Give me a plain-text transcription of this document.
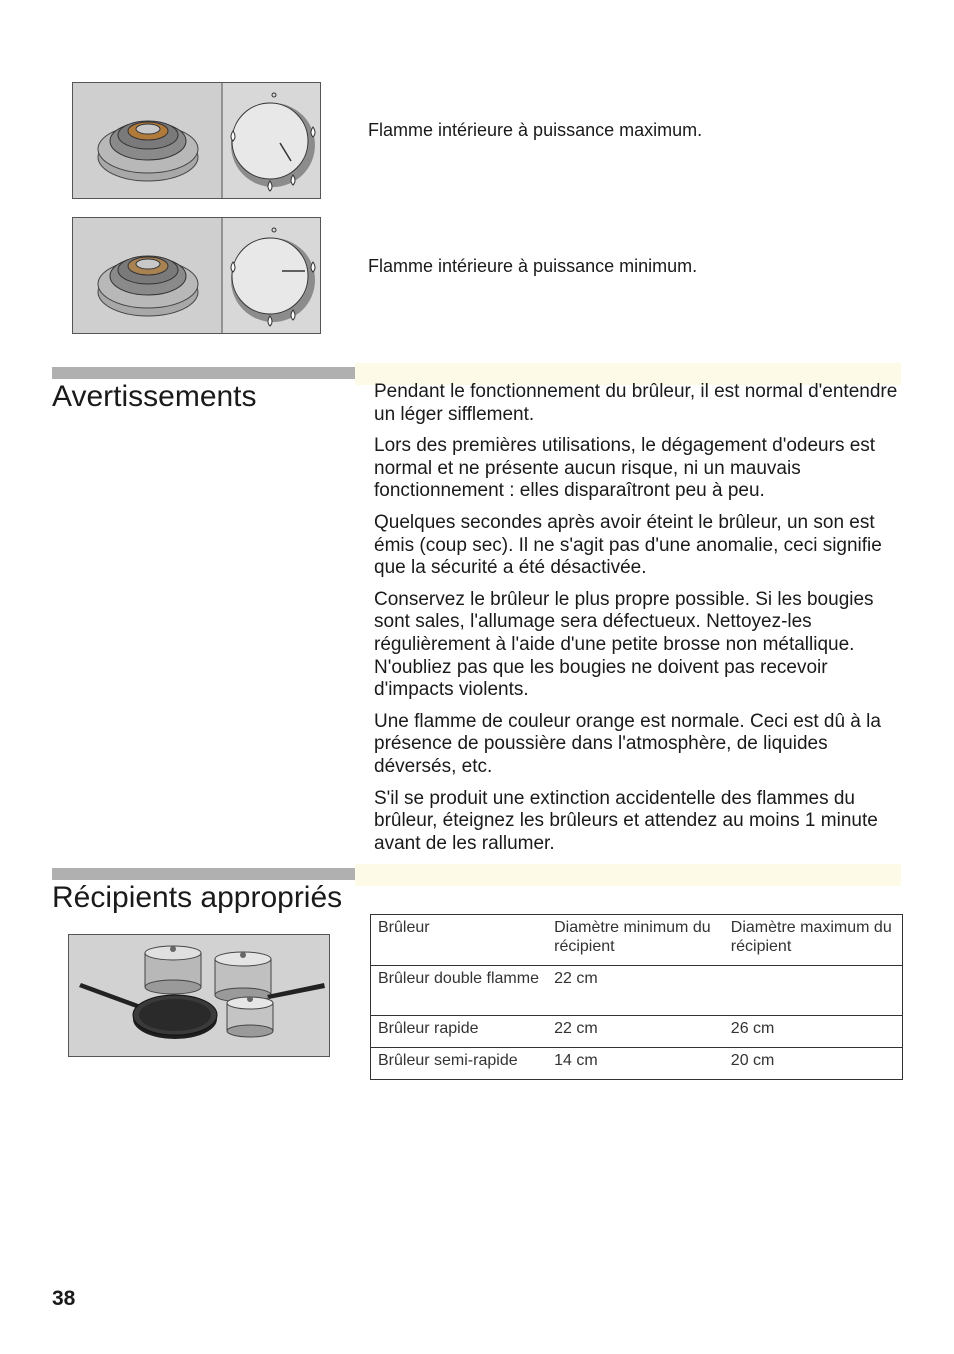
Flamme intérieure à puissance maximum.
Flamme intérieure à puissance minimum.
Avertissements	Pendant le fonctionnement du brûleur, il est normal d'entendre un léger sifflement.

Lors des premières utilisations, le dégagement d'odeurs est normal et ne présente aucun risque, ni un mauvais fonctionnement : elles disparaîtront peu à peu.

Quelques secondes après avoir éteint le brûleur, un son est émis (coup sec). Il ne s'agit pas d'une anomalie, ceci signifie que la sécurité a été désactivée.

Conservez le brûleur le plus propre possible. Si les bougies sont sales, l'allumage sera défectueux. Nettoyez-les régulièrement à l'aide d'une petite brosse non métallique. N'oubliez pas que les bougies ne doivent pas recevoir d'impacts violents.

Une flamme de couleur orange est normale. Ceci est dû à la présence de poussière dans l'atmosphère, de liquides déversés, etc.

S'il se produit une extinction accidentelle des flammes du brûleur, éteignez les brûleurs et attendez au moins 1 minute avant de les rallumer.

Récipients appropriés
Brûleur	Diamètre minimum du récipient	Diamètre maximum du récipient
Brûleur double flamme	22 cm	
Brûleur rapide	22 cm	26 cm
Brûleur semi-rapide	14 cm	20 cm
38
